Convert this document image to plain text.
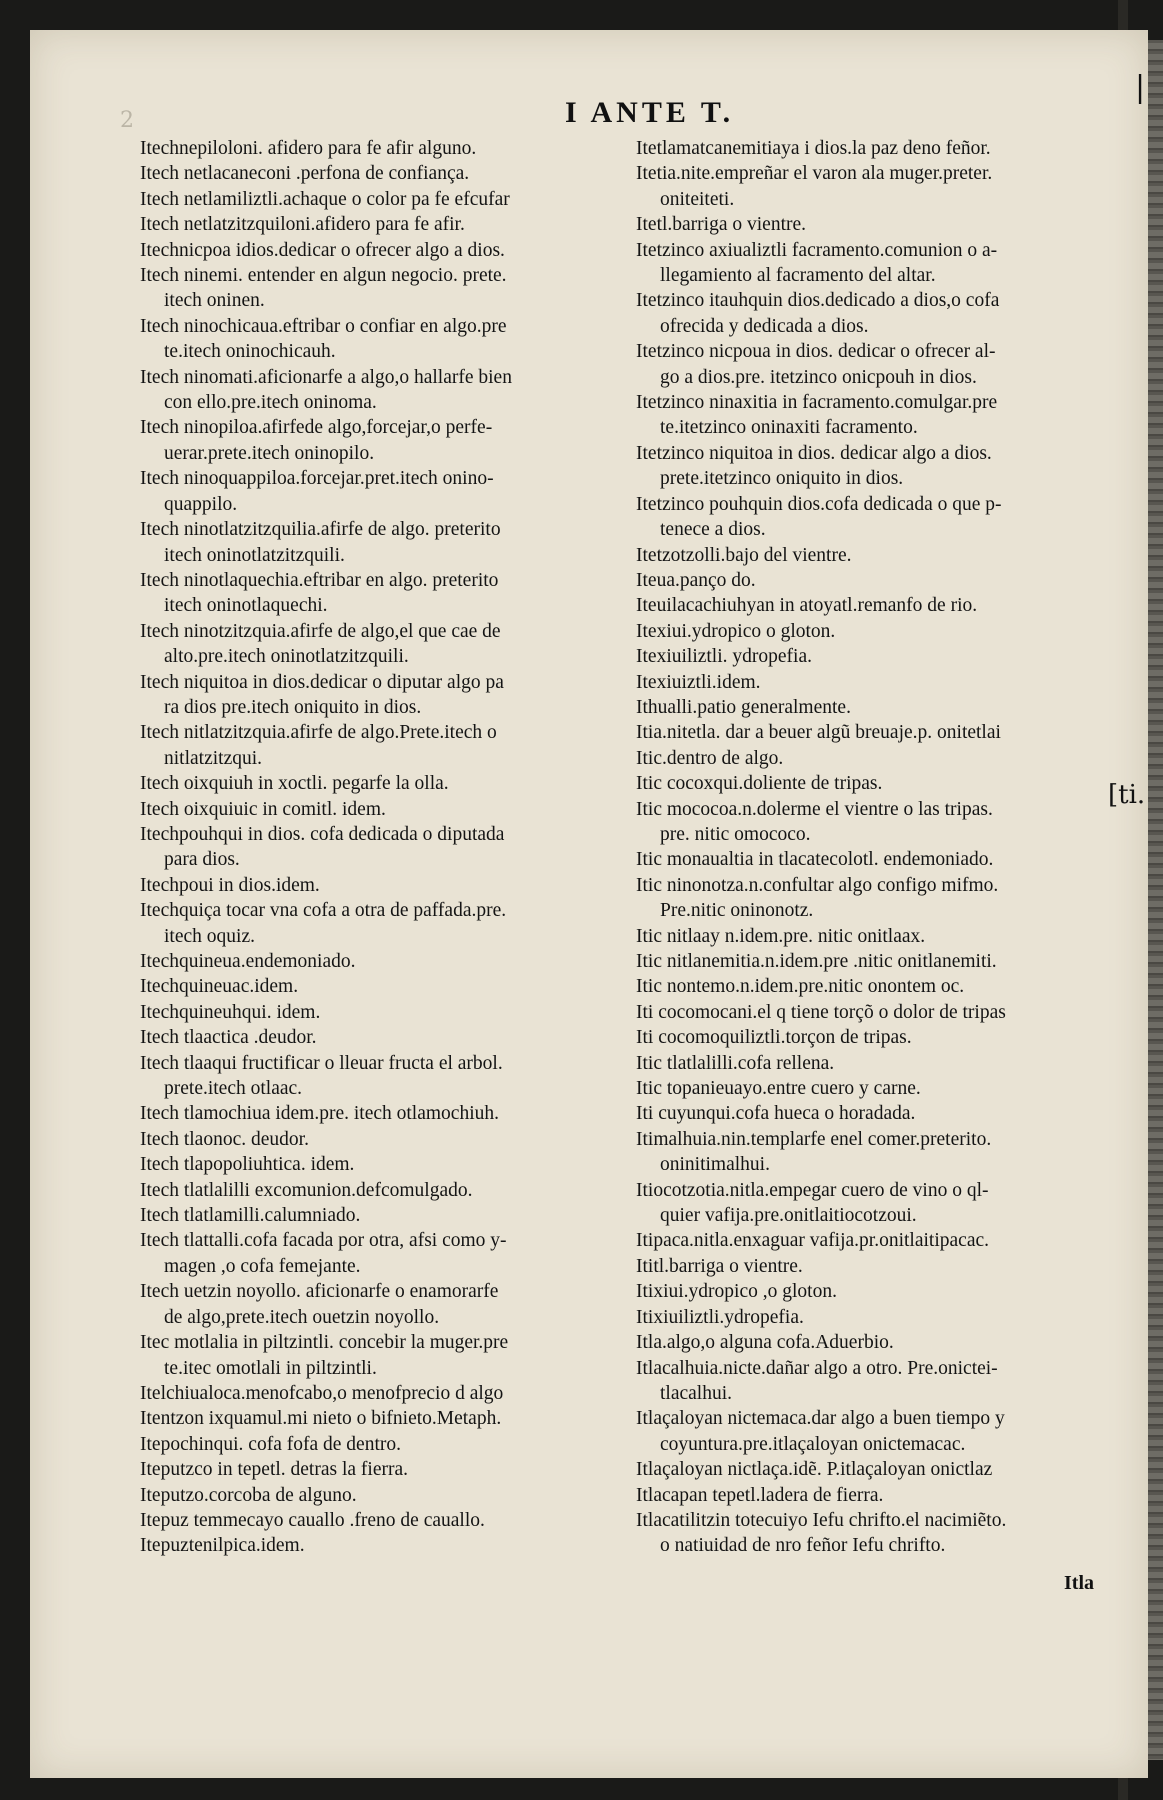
2	I ANTE T.
|
Itechnepiloloni. afidero para fe afir alguno.
Itech netlacaneconi .perfona de confiança.
Itech netlamiliztli.achaque o color pa fe efcufar
Itech netlatzitzquiloni.afidero para fe afir.
Itechnicpoa idios.dedicar o ofrecer algo a dios.
Itech ninemi. entender en algun negocio. prete.
itech oninen.
Itech ninochicaua.eftribar o confiar en algo.pre
te.itech oninochicauh.
Itech ninomati.aficionarfe a algo,o hallarfe bien
con ello.pre.itech oninoma.
Itech ninopiloa.afirfede algo,forcejar,o perfe-
uerar.prete.itech oninopilo.
Itech ninoquappiloa.forcejar.pret.itech onino-
quappilo.
Itech ninotlatzitzquilia.afirfe de algo. preterito
itech oninotlatzitzquili.
Itech ninotlaquechia.eftribar en algo. preterito
itech oninotlaquechi.
Itech ninotzitzquia.afirfe de algo,el que cae de
alto.pre.itech oninotlatzitzquili.
Itech niquitoa in dios.dedicar o diputar algo pa
ra dios pre.itech oniquito in dios.
Itech nitlatzitzquia.afirfe de algo.Prete.itech o
nitlatzitzqui.
Itech oixquiuh in xoctli. pegarfe la olla.
Itech oixquiuic in comitl. idem.
Itechpouhqui in dios. cofa dedicada o diputada
para dios.
Itechpoui in dios.idem.
Itechquiça tocar vna cofa a otra de paffada.pre.
itech oquiz.
Itechquineua.endemoniado.
Itechquineuac.idem.
Itechquineuhqui. idem.
Itech tlaactica .deudor.
Itech tlaaqui fructificar o lleuar fructa el arbol.
prete.itech otlaac.
Itech tlamochiua idem.pre. itech otlamochiuh.
Itech tlaonoc. deudor.
Itech tlapopoliuhtica. idem.
Itech tlatlalilli excomunion.defcomulgado.
Itech tlatlamilli.calumniado.
Itech tlattalli.cofa facada por otra, afsi como y-
magen ,o cofa femejante.
Itech uetzin noyollo. aficionarfe o enamorarfe
de algo,prete.itech ouetzin noyollo.
Itec motlalia in piltzintli. concebir la muger.pre
te.itec omotlali in piltzintli.
Itelchiualoca.menofcabo,o menofprecio d algo
Itentzon ixquamul.mi nieto o bifnieto.Metaph.
Itepochinqui. cofa fofa de dentro.
Iteputzco in tepetl. detras la fierra.
Iteputzo.corcoba de alguno.
Itepuz temmecayo cauallo .freno de cauallo.
Itepuztenilpica.idem.
Itetlamatcanemitiaya i dios.la paz deno feñor.
Itetia.nite.empreñar el varon ala muger.preter.
oniteiteti.
Itetl.barriga o vientre.
Itetzinco axiualiztli facramento.comunion o a-
llegamiento al facramento del altar.
Itetzinco itauhquin dios.dedicado a dios,o cofa
ofrecida y dedicada a dios.
Itetzinco nicpoua in dios. dedicar o ofrecer al-
go a dios.pre. itetzinco onicpouh in dios.
Itetzinco ninaxitia in facramento.comulgar.pre
te.itetzinco oninaxiti facramento.
Itetzinco niquitoa in dios. dedicar algo a dios.
prete.itetzinco oniquito in dios.
Itetzinco pouhquin dios.cofa dedicada o que p-
tenece a dios.
Itetzotzolli.bajo del vientre.
Iteua.panço do.
Iteuilacachiuhyan in atoyatl.remanfo de rio.
Itexiui.ydropico o gloton.
Itexiuiliztli. ydropefia.
Itexiuiztli.idem.
Ithualli.patio generalmente.
Itia.nitetla. dar a beuer algũ breuaje.p. onitetlai
Itic.dentro de algo.
Itic cocoxqui.doliente de tripas.
Itic mococoa.n.dolerme el vientre o las tripas.
pre. nitic omococo.
Itic monaualtia in tlacatecolotl. endemoniado.
Itic ninonotza.n.confultar algo configo mifmo.
Pre.nitic oninonotz.
Itic nitlaay n.idem.pre. nitic onitlaax.
Itic nitlanemitia.n.idem.pre .nitic onitlanemiti.
Itic nontemo.n.idem.pre.nitic onontem oc.
Iti cocomocani.el q tiene torçõ o dolor de tripas
Iti cocomoquiliztli.torçon de tripas.
Itic tlatlalilli.cofa rellena.
Itic topanieuayo.entre cuero y carne.
Iti cuyunqui.cofa hueca o horadada.
Itimalhuia.nin.templarfe enel comer.preterito.
oninitimalhui.
Itiocotzotia.nitla.empegar cuero de vino o ql-
quier vafija.pre.onitlaitiocotzoui.
Itipaca.nitla.enxaguar vafija.pr.onitlaitipacac.
Ititl.barriga o vientre.
Itixiui.ydropico ,o gloton.
Itixiuiliztli.ydropefia.
Itla.algo,o alguna cofa.Aduerbio.
Itlacalhuia.nicte.dañar algo a otro. Pre.onictei-
tlacalhui.
Itlaçaloyan nictemaca.dar algo a buen tiempo y
coyuntura.pre.itlaçaloyan onictemacac.
Itlaçaloyan nictlaça.idẽ. P.itlaçaloyan onictlaz
Itlacapan tepetl.ladera de fierra.
Itlacatilitzin totecuiyo Iefu chrifto.el nacimiẽto.
o natiuidad de nro feñor Iefu chrifto.
[ti.
Itla
